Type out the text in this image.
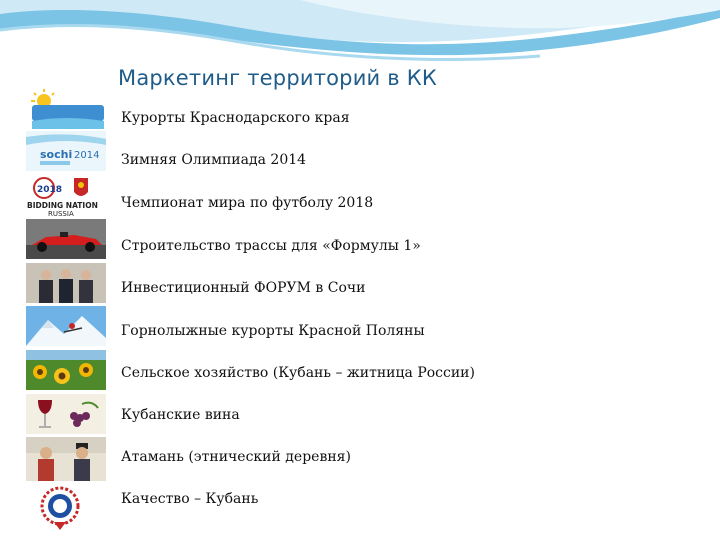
Маркетинг территорий в КК
sochi 2014
2018
BIDDING NATION
RUSSIA
Курорты Краснодарского края
Зимняя Олимпиада 2014
Чемпионат мира по футболу 2018
Строительство трассы для «Формулы 1»
Инвестиционный ФОРУМ в Сочи
Горнолыжные курорты Красной Поляны
Сельское хозяйство (Кубань – житница России)
Кубанские вина
Атамань (этнический деревня)
Качество – Кубань
